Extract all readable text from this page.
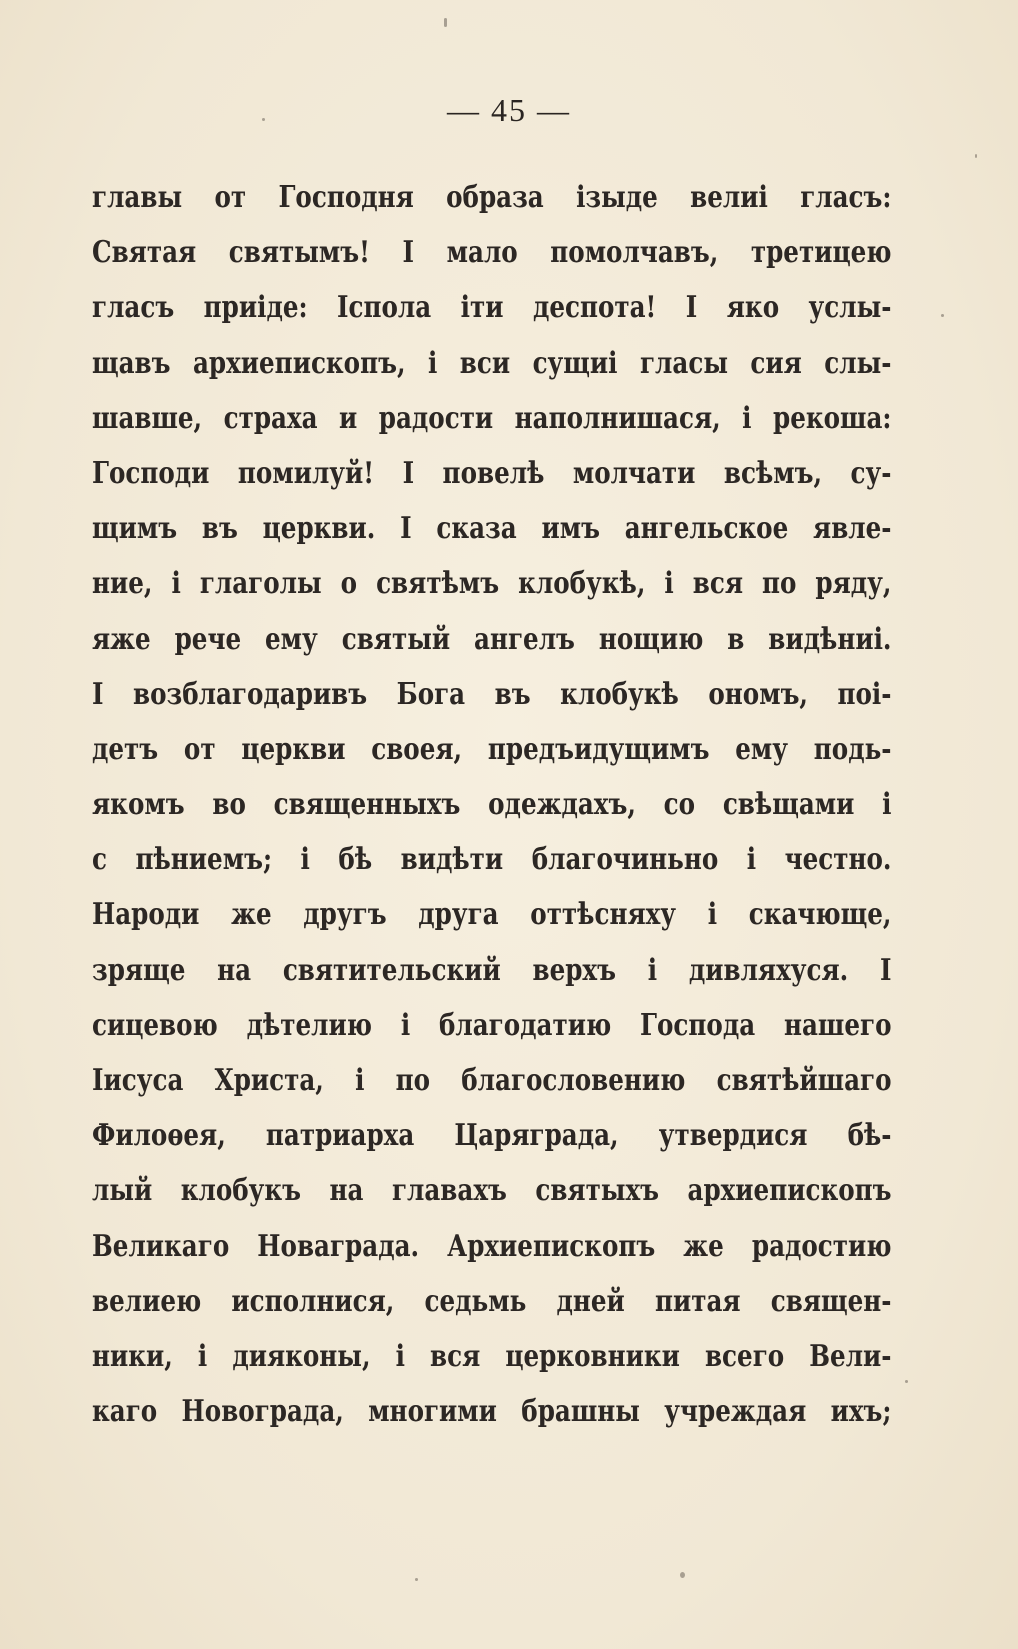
— 45 —
главы от Господня образа ізыде велиі гласъ:
Святая святымъ! І мало помолчавъ, третицею
гласъ приіде: Іспола іти деспота! І яко услы-
щавъ архиепископъ, і вси сущиі гласы сия слы-
шавше, страха и радости наполнишася, і рекоша:
Господи помилуй! І повелѣ молчати всѣмъ, су-
щимъ въ церкви. І сказа имъ ангельское явле-
ние, і глаголы о святѣмъ клобукѣ, і вся по ряду,
яже рече ему святый ангелъ нощию в видѣниі.
І возблагодаривъ Бога въ клобукѣ ономъ, поі-
детъ от церкви своея, предъидущимъ ему подь-
якомъ во священныхъ одеждахъ, со свѣщами і
с пѣниемъ; і бѣ видѣти благочиньно і честно.
Народи же другъ друга оттѣсняху і скачюще,
зряще на святительский верхъ і дивляхуся. І
сицевою дѣтелию і благодатию Господа нашего
Іисуса Христа, і по благословению святѣйшаго
Филоѳея, патриарха Царяграда, утвердися бѣ-
лый клобукъ на главахъ святыхъ архиепископъ
Великаго Новаграда. Архиепископъ же радостию
велиею исполнися, седьмь дней питая священ-
ники, і дияконы, і вся церковники всего Вели-
каго Новограда, многими брашны учреждая ихъ;
